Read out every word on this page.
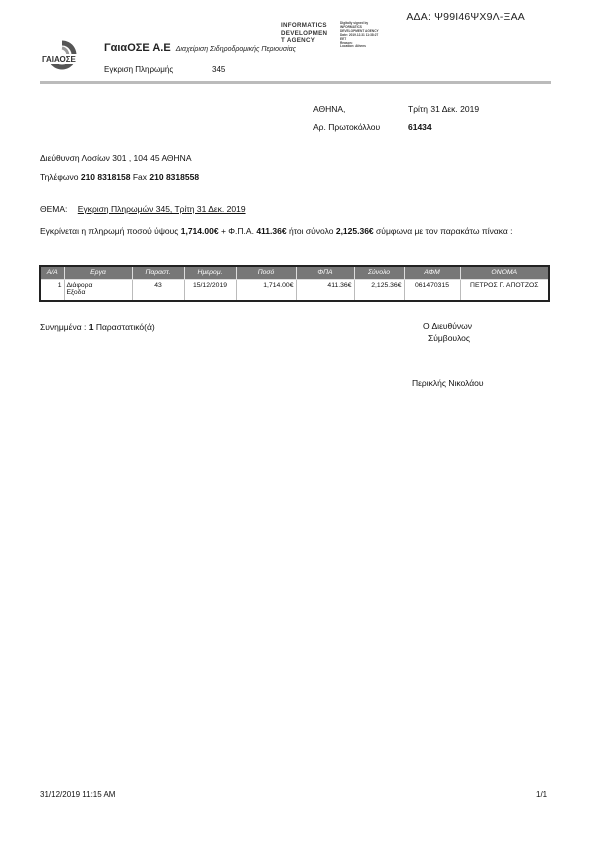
ΑΔΑ: Ψ99Ι46ΨΧ9Λ-ΞΑΑ
INFORMATICS
DEVELOPMEN
T AGENCY
Digitally signed by
INFORMATICS
DEVELOPMENT AGENCY
Date: 2019.12.31 11:38:27
EET
Reason:
Location: Athens
ΓΑΙΑΟΣΕ
ΓαιαΟΣΕ Α.Ε Διαχείριση Σιδηροδρομικής Περιουσίας
Εγκριση Πληρωμής	345
ΑΘΗΝΑ,	Τρίτη 31 Δεκ. 2019
Αρ. Πρωτοκόλλου	61434
Διεύθυνση Λοσίων 301 , 104 45 ΑΘΗΝΑ
Τηλέφωνο 210 8318158 Fax 210 8318558
ΘΕΜΑ: Εγκριση Πληρωμών 345, Τρίτη 31 Δεκ. 2019
Εγκρίνεται η πληρωμή ποσού ύψους 1,714.00€ + Φ.Π.Α. 411.36€ ήτοι σύνολο 2,125.36€ σύμφωνα με τον παρακάτω πίνακα :
Α/Α	Εργα	Παραστ.	Ημερομ.	Ποσό	ΦΠΑ	Σύνολο	ΑΦΜ	ΟΝΟΜΑ
1	Διάφορα
Εξοδα	43	15/12/2019	1,714.00€	411.36€	2,125.36€	061470315	ΠΕΤΡΟΣ Γ. ΑΠΟΤΖΟΣ
Συνημμένα : 1 Παραστατικό(ά)	Ο Διευθύνων
Σύμβουλος
Περικλής Νικολάου
31/12/2019 11:15 AM	1/1
